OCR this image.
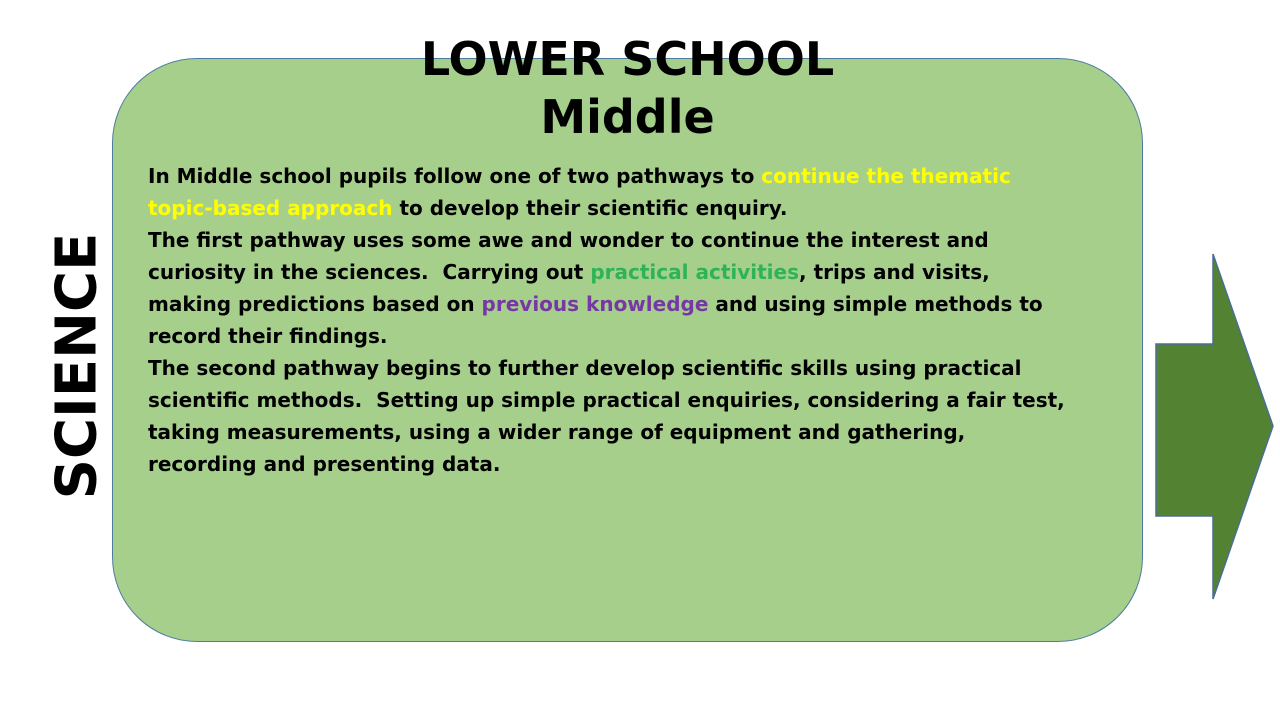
LOWER SCHOOL
Middle
SCIENCE
In Middle school pupils follow one of two pathways to continue the thematic
topic-based approach to develop their scientific enquiry.
The first pathway uses some awe and wonder to continue the interest and
curiosity in the sciences.  Carrying out practical activities, trips and visits,
making predictions based on previous knowledge and using simple methods to
record their findings.
The second pathway begins to further develop scientific skills using practical
scientific methods.  Setting up simple practical enquiries, considering a fair test,
taking measurements, using a wider range of equipment and gathering,
recording and presenting data.
